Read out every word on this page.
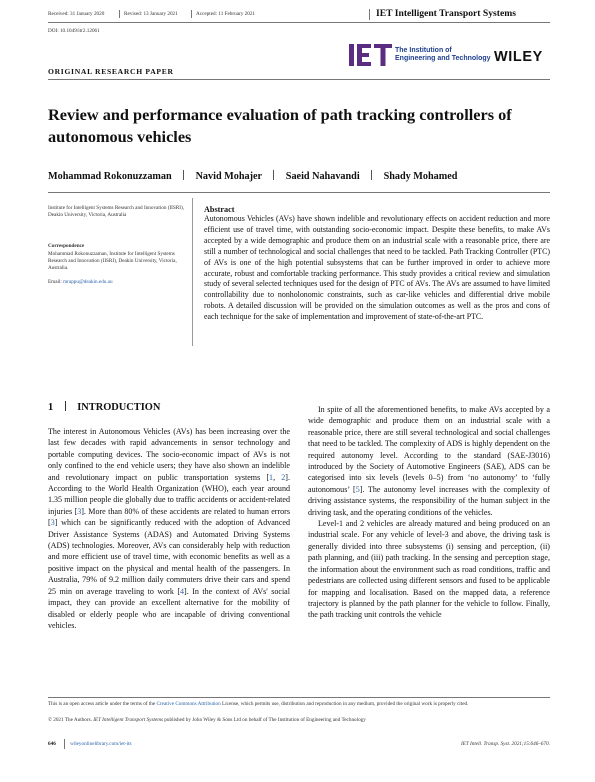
Received: 31 January 2020	Revised: 13 January 2021	Accepted: 11 February 2021	IET Intelligent Transport Systems
DOI: 10.1049/itr2.12061
The Institution of
Engineering and Technology WILEY
ORIGINAL RESEARCH PAPER
Review and performance evaluation of path tracking controllers of autonomous vehicles
Mohammad Rokonuzzaman Navid Mohajer Saeid Nahavandi Shady Mohamed
Institute for Intelligent Systems Research and Innovation (IISRI), Deakin University, Victoria, Australia
Correspondence
Mohammad Rokonuzzaman, Institute for Intelligent Systems Research and Innovation (IISRI), Deakin University, Victoria, Australia.
Email: mrappu@deakin.edu.au
Abstract
Autonomous Vehicles (AVs) have shown indelible and revolutionary effects on accident reduction and more efficient use of travel time, with outstanding socio-economic impact. Despite these benefits, to make AVs accepted by a wide demographic and produce them on an industrial scale with a reasonable price, there are still a number of technological and social challenges that need to be tackled. Path Tracking Controller (PTC) of AVs is one of the high potential subsystems that can be further improved in order to achieve more accurate, robust and comfortable tracking performance. This study provides a critical review and simulation study of several selected techniques used for the design of PTC of AVs. The AVs are assumed to have limited controllability due to nonholonomic constraints, such as car-like vehicles and differential drive mobile robots. A detailed discussion will be provided on the simulation outcomes as well as the pros and cons of each technique for the sake of implementation and improvement of state-of-the-art PTC.
1 INTRODUCTION

The interest in Autonomous Vehicles (AVs) has been increasing over the last few decades with rapid advancements in sensor technology and portable computing devices. The socio-economic impact of AVs is not only confined to the end vehicle users; they have also shown an indelible and revolutionary impact on public transportation systems [1, 2]. According to the World Health Organization (WHO), each year around 1.35 million people die globally due to traffic accidents or accident-related injuries [3]. More than 80% of these accidents are related to human errors [3] which can be significantly reduced with the adoption of Advanced Driver Assistance Systems (ADAS) and Automated Driving Systems (ADS) technologies. Moreover, AVs can considerably help with reduction and more efficient use of travel time, with economic benefits as well as a positive impact on the physical and mental health of the passengers. In Australia, 79% of 9.2 million daily commuters drive their cars and spend 25 min on average traveling to work [4]. In the context of AVs' social impact, they can provide an excellent alternative for the mobility of disabled or elderly people who are incapable of driving conventional vehicles.

In spite of all the aforementioned benefits, to make AVs accepted by a wide demographic and produce them on an industrial scale with a reasonable price, there are still several technological and social challenges that need to be tackled. The complexity of ADS is highly dependent on the required autonomy level. According to the standard (SAE-J3016) introduced by the Society of Automotive Engineers (SAE), ADS can be categorised into six levels (levels 0–5) from ‘no autonomy’ to ‘fully autonomous’ [5]. The autonomy level increases with the complexity of driving assistance systems, the responsibility of the human subject in the driving task, and the operating conditions of the vehicles.

Level-1 and 2 vehicles are already matured and being produced on an industrial scale. For any vehicle of level-3 and above, the driving task is generally divided into three subsystems (i) sensing and perception, (ii) path planning, and (iii) path tracking. In the sensing and perception stage, the information about the environment such as road conditions, traffic and pedestrians are collected using different sensors and fused to be applicable for mapping and localisation. Based on the mapped data, a reference trajectory is planned by the path planner for the vehicle to follow. Finally, the path tracking unit controls the vehicle

This is an open access article under the terms of the Creative Commons Attribution License, which permits use, distribution and reproduction in any medium, provided the original work is properly cited.
© 2021 The Authors. IET Intelligent Transport Systems published by John Wiley & Sons Ltd on behalf of The Institution of Engineering and Technology
646	wileyonlinelibrary.com/iet-its	IET Intell. Transp. Syst. 2021;15:646–670.
